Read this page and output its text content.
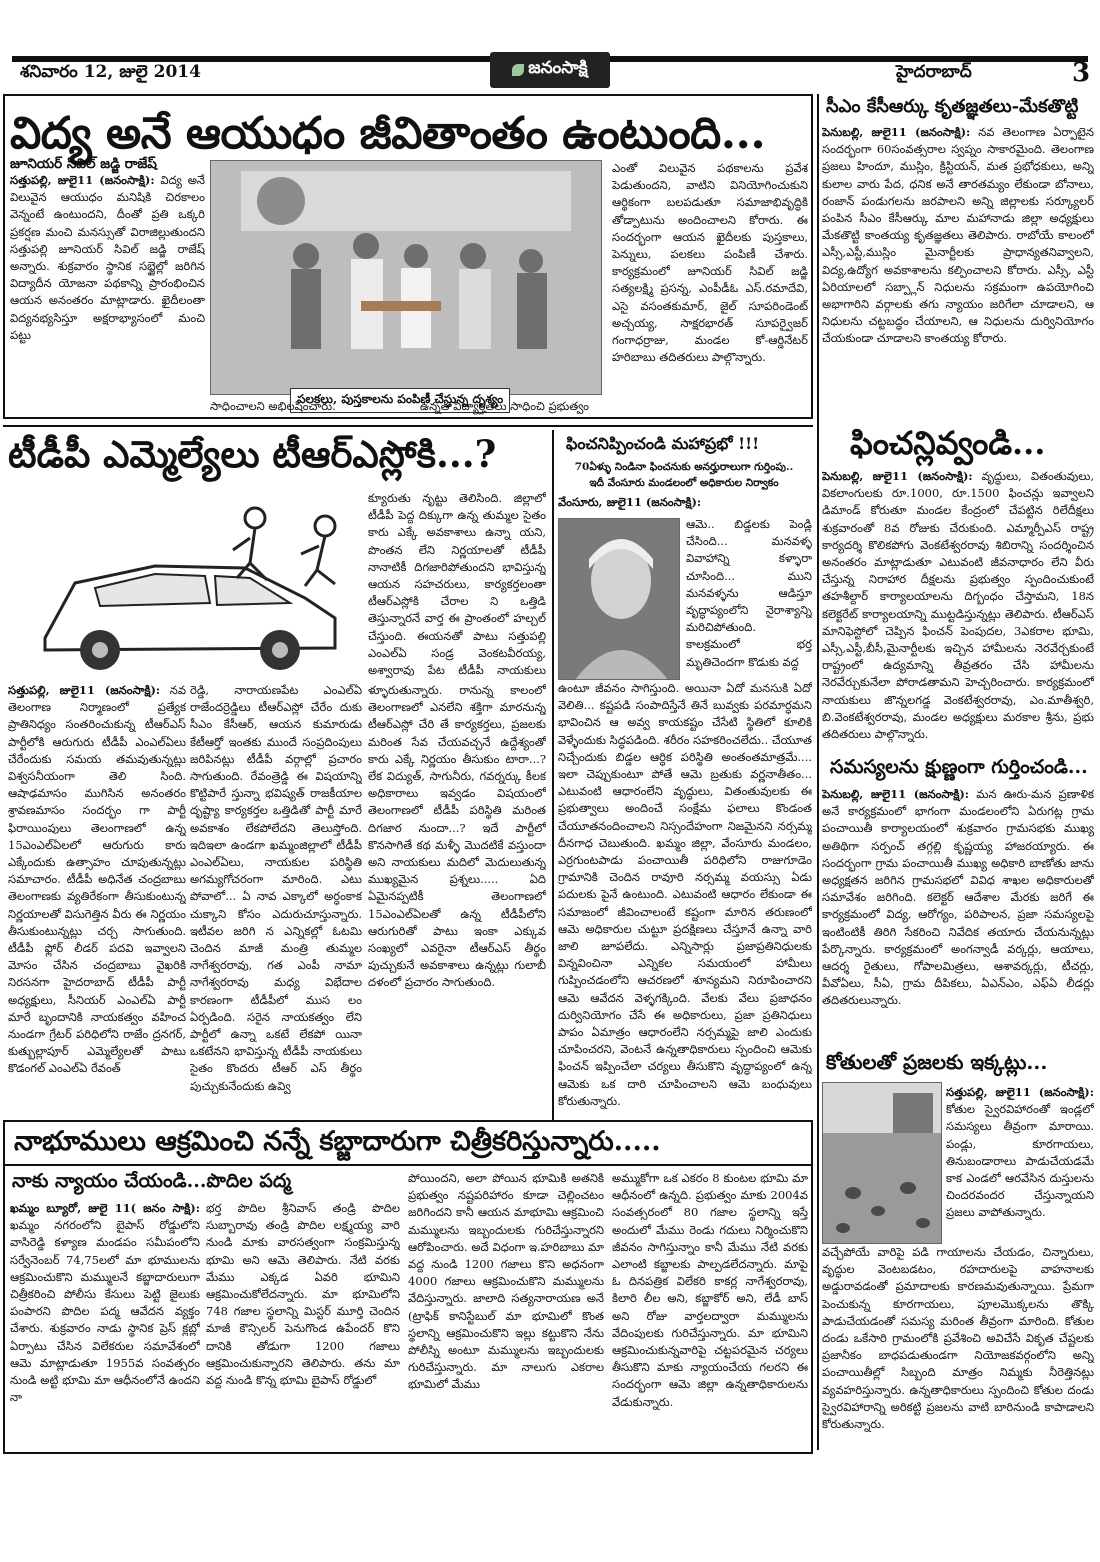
శనివారం 12, జులై 2014	జనంసాక్షి	హైదరాబాద్	3
విద్య అనే ఆయుధం జీవితాంతం ఉంటుంది...
జూనియర్ సివిల్ జడ్జి రాజేష్
సత్తుపల్లి, జులై11 (జనంసాక్షి): విద్య అనే విలువైన ఆయుధం మనిషికి చిరకాలం వెన్నంటే ఉంటుందని, దీంతో ప్రతి ఒక్కరి ప్రకర్షణ మంచి మనస్సుతో విరాజిల్లుతుందని సత్తుపల్లి జూనియర్ సివిల్ జడ్జి రాజేష్ అన్నారు. శుక్రవారం స్థానిక సబ్జైల్లో జరిగిన విద్యాదీన యోజనా పథకాన్ని ప్రారంభించిన ఆయన అనంతరం మాట్లాడారు. ఖైదీలంతా విద్యనభ్యసిస్తూ అక్షరాభ్యాసంలో మంచి పట్టు
పలకలు, పుస్తకాలను పంపిణీ చేస్తున్న దృశ్యం
సాధించాలని అభిలషించారు.	ఉన్నత విద్యార్హతలు సాధించి ప్రభుత్వం
ఎంతో విలువైన పథకాలను ప్రవేశ పెడుతుందని, వాటిని వినియోగించుకుని ఆర్థికంగా బలపడుతూ సమాజాభివృద్ధికి తోడ్పాటును అందించాలని కోరారు. ఈ సందర్భంగా ఆయన ఖైదీలకు పుస్తకాలు, పెన్నులు, పలకలు పంపిణీ చేశారు. కార్యక్రమంలో జూనియర్ సివిల్ జడ్జి సత్యలక్ష్మి ప్రసన్న, ఎంపీడీఓ ఎస్.రమాదేవి, ఎసై వసంతకుమార్, జైల్ సూపరిండెంట్ అచ్చయ్య, సాక్షరభారత్ సూపర్వైజర్ గంగాధర్రాజు, మండల కో-ఆర్డినేటర్ హరిబాబు తదితరులు పాల్గొన్నారు.
సీఎం కేసీఆర్కు కృతజ్ఞతలు-మేకతొట్టి
పెనుబల్లి, జులై11 (జనంసాక్షి): నవ తెలంగాణ ఏర్పాటైన సందర్భంగా 60సంవత్సరాల స్వప్నం సాకారమైంది. తెలంగాణ ప్రజలు హిందూ, ముస్లిం, క్రిస్టియన్, మత ప్రభోధకులు, అన్ని కులాల వారు పేద, ధనిక అనే తారతమ్యం లేకుండా బోనాలు, రంజాన్ పండుగలను జరపాలని అన్ని జిల్లాలకు సర్క్యూలర్ పంపిన సీఎం కేసీఆర్కు మాల మహానాడు జిల్లా అధ్యక్షులు మేకతొట్టి కాంతయ్య కృతజ్ఞతలు తెలిపారు. రాబోయే కాలంలో ఎస్సీ,ఎస్టీ,ముస్లిం మైనార్టీలకు ప్రాధాన్యతనివ్వాలని, విద్య,ఉద్యోగ అవకాశాలను కల్పించాలని కోరారు. ఎస్సీ, ఎస్టీ ఏరియాలలో సబ్ప్లాన్ నిధులను సక్రమంగా ఉపయోగించి అభాగారిని వర్గాలకు తగు న్యాయం జరిగేలా చూడాలని, ఆ నిధులను చట్టబద్ధం చేయాలని, ఆ నిధులను దుర్వినియోగం చేయకుండా చూడాలని కాంతయ్య కోరారు.
ఫించన్లివ్వండి...
పెనుబల్లి, జులై11 (జనంసాక్షి): వృద్ధులు, వితంతువులు, వికలాంగులకు రూ.1000, రూ.1500 ఫించన్లు ఇవ్వాలని డిమాండ్ కోరుతూ మండల కేంద్రంలో చేపట్టిన రిలేదీక్షలు శుక్రవారంతో 8వ రోజుకు చేరుకుంది. ఎమ్మార్పీఎస్ రాష్ట్ర కార్యదర్శి కొలికపోగు వెంకటేశ్వరరావు శిబిరాన్ని సందర్శించిన అనంతరం మాట్లాడుతూ ఎటువంటి జీవనాధారం లేని వీరు చేస్తున్న నిరాహార దీక్షలను ప్రభుత్వం స్పందించుకుంటే తహశీల్దార్ కార్యాలయాలను దిగ్బంధం చేస్తామని, 18న కలెక్టరేట్ కార్యాలయాన్ని ముట్టడిస్తున్నట్లు తెలిపారు. టీఆర్ఎస్ మానిఫెస్టోలో చెప్పిన ఫించన్ పెంపుదల, 3ఎకరాల భూమి, ఎస్సీ,ఎస్టీ,బీసీ,మైనార్టీలకు ఇచ్చిన హామీలను నెరవేర్చకుంటే రాష్ట్రంలో ఉద్యమాన్ని తీవ్రతరం చేసి హామీలను నెరవేర్చుకునేలా పోరాడతామని హెచ్చరించారు. కార్యక్రమంలో నాయకులు జొన్నలగడ్డ వెంకటేశ్వరరావు, ఎం.మాతీశ్వరి, బి.వెంకటేశ్వరరావు, మండల అధ్యక్షులు మరకాల శ్రీను, ప్రభు తదితరులు పాల్గొన్నారు.
టీడీపీ ఎమ్మెల్యేలు టీఆర్ఎస్లోకి...?
క్యూరుతు నృట్టు తెలిసింది. జిల్లాలో టీడీపీ పెద్ద దిక్కుగా ఉన్న తుమ్మల సైతం కారు ఎక్కే అవకాశాలు ఉన్నా యని, పొంతన లేని నిర్ణయాలతో టీడీపీ నానాటికీ దిగజారిపోతుందని భావిస్తున్న ఆయన సహచరులు, కార్యకర్తలంతా టీఆర్ఎస్లోకి చేరాల ని ఒత్తిడి తెస్తున్నారనే వార్త ఈ ప్రాంతంలో హల్చల్ చేస్తుంది. ఈయనతో పాటు సత్తుపల్లి ఎంఎల్ఏ సండ్ర వెంకటవీరయ్య, అశ్వారావు పేట టీడీపీ నాయకులు
సత్తుపల్లి, జులై11 (జనంసాక్షి): నవ తెలంగాణ నిర్మాణంలో ప్రత్యేక ప్రాతినిధ్యం సంతరించుకున్న టీఆర్ఎస్ పార్టీలోకి ఆరుగురు టీడీపీ ఎంఎల్ఏలు చేరేందుకు సమయ తమవుతున్నట్లు విశ్వసనీయంగా తెలి సింది. ఆషాఢమాసం ముగిసిన అనంతరం శ్రావణమాసం సందర్భం గా పార్టీ ఫిరాయింపులు తెలంగాణలో ఉన్న 15ఎంఎల్ఏలలో ఆరుగురు కారు ఎక్కేందుకు ఉత్సాహం చూపుతున్నట్లు సమాచారం. టీడీపీ అధినేత చంద్రబాబు తెలంగాణకు వ్యతిరేకంగా తీసుకుంటున్న నిర్ణయాలతో విసుగెత్తిన వీరు ఈ నిర్ణయం తీసుకుంటున్నట్లు చర్చ సాగుతుంది. టీడీపీ ఫ్లోర్ లీడర్ పదవి ఇవ్వాలని మోసం చేసిన చంద్రబాబు వైఖరికి నిరసనగా హైదరాబాద్ టీడీపీ పార్టీ అధ్యక్షులు, సీనియర్ ఎంఎల్ఏ పార్టీ మారే బృందానికి నాయకత్వం వహించ నుండగా గ్రేటర్ పరిధిలోని రాజేం ద్రనగర్, కుత్బుల్లాపూర్ ఎమ్మెల్యేలతో పాటు కొడంగల్ ఎంఎల్ఏ రేవంత్
రెడ్డి, నారాయణపేట ఎంఎల్ఏ రాజేందర్రెడ్డిలు టీఆర్ఎస్లో చేరేం దుకు సీఎం కేసీఆర్, ఆయన కుమారుడు కేటీఆర్తో ఇంతకు ముందే సంప్రదింపులు జరిపినట్లు టీడీపీ వర్గాల్లో ప్రచారం సాగుతుంది. రేవంత్రెడ్డి ఈ విషయాన్ని కొట్టిపారే స్తున్నా భవిష్యత్ రాజకీయాల దృష్ట్యా కార్యకర్తల ఒత్తిడితో పార్టీ మారే అవకాశం లేకపోలేదని తెలుస్తోంది. ఇదిఇలా ఉండగా ఖమ్మంజిల్లాలో టీడీపీ ఎంఎల్ఏలు, నాయకుల పరిస్థితి అగమ్యగోచరంగా మారింది. ఎటు పోవాలో... ఏ నావ ఎక్కాలో అర్ధంకాక చుక్కాని కోసం ఎదురుచూస్తున్నారు. ఇటీవల జరిగి న ఎన్నికల్లో ఓటమి చెందిన మాజీ మంత్రి తుమ్మల నాగేశ్వరరావు, గత ఎంపీ నామా నాగేశ్వరరావు మధ్య విభేదాల కారణంగా టీడీపీలో ముస లం ఏర్పడింది. సరైన నాయకత్వం లేని పార్టీలో ఉన్నా ఒకటే లేకపో యినా ఒకటేనని భావిస్తున్న టీడీపీ నాయకులు సైతం కొందరు టీఆర్ ఎస్ తీర్థం పుచ్చుకునేందుకు ఉవ్వి
ళ్ళూరుతున్నారు. రానున్న కాలంలో తెలంగాణలో ఎనలేని శక్తిగా మారనున్న టీఆర్ఎస్లో చేరి తే కార్యకర్తలు, ప్రజలకు మరింత సేవ చేయవచ్చనే ఉద్దేశ్యంతో కారు ఎక్కే నిర్ణయం తీసుకుం టారా...? లేక విద్యుత్, సాగునీరు, గవర్నర్కు కీలక అధికారాలు ఇవ్వడం విషయంలో తెలంగాణలో టీడీపీ పరిస్థితి మరింత దిగజార నుందా...? ఇదే పార్టీలో కొనసాగితే కథ మళ్ళీ మొదటికే వస్తుందా అని నాయకులు మదిలో మెదులుతున్న ముఖ్యమైన ప్రశ్నలు..... ఏది ఏమైనప్పటికీ తెలంగాణలో 15ఎంఎల్ఏలతో ఉన్న టీడీపీలోని ఆరుగురితో పాటు ఇంకా ఎక్కువ సంఖ్యలో ఎవరైనా టీఆర్ఎస్ తీర్థం పుచ్చుకునే అవకాశాలు ఉన్నట్లు గులాబీ దళంలో ప్రచారం సాగుతుంది.
ఫించనిప్పించండి మహాప్రభో !!!
70ఏళ్ళు నిండినా ఫించనుకు అనర్హురాలుగా గుర్తింపు..
ఇదీ వేంసూరు మండలంలో అధికారుల నిర్వాకం
వేంసూరు, జులై11 (జనంసాక్షి):
ఆమె.. బిడ్డలకు పెండ్లి చేసింది... మనవళ్ళ వివాహాన్ని కళ్ళారా చూసింది... ముని మనవళ్ళను ఆడిస్తూ వృద్ధాప్యంలోని నైరాశ్యాన్ని మరిచిపోతుంది. కాలక్రమంలో భర్త మృతిచెందగా కొడుకు వద్ద
ఉంటూ జీవనం సాగిస్తుంది. అయినా ఏదో మనసుకి ఏదో వెలితి... కష్టపడి సంపాదిస్తేనే తినే బువ్వకు పరమార్ధమని భావించిన ఆ అవ్వ కాయకష్టం చేసేటి స్థితిలో కూలికి వెళ్ళేందుకు సిద్ధపడింది. శరీరం సహకరించలేదు.. చేయూత నిచ్చేందుకు బిడ్డల ఆర్ధిక పరిస్థితి అంతంతమాత్రమే.... ఇలా చెప్పుకుంటూ పోతే ఆమె బ్రతుకు వర్ణనాతీతం... ఎటువంటి ఆధారంలేని వృద్ధులు, వితంతువులకు ఈ ప్రభుత్వాలు అందించే సంక్షేమ ఫలాలు కొండంత చేయూతనందించాలని నిస్సందేహంగా నిజమైనని నర్సమ్మ దీనగాధ చెబుతుంది. ఖమ్మం జిల్లా, వేంసూరు మండలం, ఎర్రగుంటపాడు పంచాయితీ పరిధిలోని రాజుగూడెం గ్రామానికి చెందిన రావూరి నర్సమ్మ వయస్సు ఏడు పదులకు పైనే ఉంటుంది. ఎటువంటి ఆధారం లేకుండా ఈ సమాజంలో జీవించాలంటే కష్టంగా మారిన తరుణంలో ఆమె అధికారుల చుట్టూ ప్రదక్షిణలు చేస్తూనే ఉన్నా వారి జాలి జూపలేదు. ఎన్నిసార్లు ప్రజాప్రతినిధులకు విన్నవించినా ఎన్నికల సమయంలో హామీలు గుప్పించడంలోని ఆచరణలో శూన్యమని నిరూపించారని ఆమె ఆవేదన వెళ్ళగక్కింది. వేలకు వేలు ప్రజాధనం దుర్వినియోగం చేసే ఈ అధికారులు, ప్రజా ప్రతినిధులు పాపం ఏమాత్రం ఆధారంలేని నర్సమ్మపై జాలి ఎందుకు చూపించరని, వెంటనే ఉన్నతాధికారులు స్పందించి ఆమెకు ఫించన్ ఇప్పించేలా చర్యలు తీసుకొని వృద్ధాప్యంలో ఉన్న ఆమెకు ఒక దారి చూపించాలని ఆమె బంధువులు కోరుతున్నారు.
సమస్యలను క్షుణ్ణంగా గుర్తించండి...
పెనుబల్లి, జులై11 (జనంసాక్షి): మన ఊరు-మన ప్రణాళిక అనే కార్యక్రమంలో భాగంగా మండలంలోని ఏరుగట్ల గ్రామ పంచాయితీ కార్యాలయంలో శుక్రవారం గ్రామసభకు ముఖ్య అతిథిగా సర్పంచ్ తగ్గల్లి కృష్ణయ్య హాజరయ్యారు. ఈ సందర్భంగా గ్రామ పంచాయితీ ముఖ్య అధికారి బాణోతు జాను అధ్యక్షతన జరిగిన గ్రామసభలో వివిధ శాఖల అధికారులతో సమావేశం జరిగింది. కలెక్టర్ ఆదేశాల మేరకు జరిగే ఈ కార్యక్రమంలో విద్య, ఆరోగ్యం, పరిపాలన, ప్రజా సమస్యలపై ఇంటింటికీ తిరిగి సేకరించి నివేదిక తయారు చేయనున్నట్లు పేర్కొన్నారు. కార్యక్రమంలో అంగన్వాడీ వర్కర్లు, ఆయాలు, ఆదర్శ రైతులు, గోపాలమిత్రలు, ఆశావర్కర్లు, టీచర్లు, వీవోఏలు, సీఏ, గ్రామ దీపికలు, ఏఎన్ఎం, ఎఫ్ఏ లీడర్లు తదితరులున్నారు.
కోతులతో ప్రజలకు ఇక్కట్లు...
సత్తుపల్లి, జులై11 (జనంసాక్షి): కోతుల స్వైరవిహారంతో ఇండ్లలో సమస్యలు తీవ్రంగా మారాయి. పండ్లు, కూరగాయలు, తినుబండారాలు పాడుచేయడమే కాక ఎండలో ఆరవేసిన దుస్తులను చిందరవందర చేస్తున్నాయని ప్రజలు వాపోతున్నారు.
వచ్చేపోయే వారిపై పడి గాయాలను చేయడం, చిన్నారులు, వృద్ధుల వెంటబడటం, రహదారులపై వాహనాలకు అడ్డురావడంతో ప్రమాదాలకు కారణమవుతున్నాయి. ప్రేమగా పెంచుకున్న కూరగాయలు, పూలమొక్కలను తొక్కి పాడుచేయడంతో సమస్య మరింత తీవ్రంగా మారింది. కోతుల దండు ఒకేసారి గ్రామంలోకి ప్రవేశించి అవిచేసే వికృత చేష్టలకు ప్రజానీకం బాధపడుతుండగా నియోజకవర్గంలోని అన్ని పంచాయితీల్లో సిబ్బంది మాత్రం నిమ్మకు నీరెత్తినట్లు వ్యవహరిస్తున్నారు. ఉన్నతాధికారులు స్పందించి కోతుల దండు స్వైరవిహారాన్ని అరికట్టి ప్రజలను వాటి బారినుండి కాపాడాలని కోరుతున్నారు.
నాభూములు ఆక్రమించి నన్నే కబ్జాదారుగా చిత్రీకరిస్తున్నారు.....
నాకు న్యాయం చేయండి...పొదిల పద్మ
ఖమ్మం బ్యూరో, జులై 11( జనం సాక్షి): ఖమ్మం నగరంలోని బైపాస్ రోడ్డులోని వాసిరెడ్డి కళ్యాణ మండపం సమీపంలోని సర్వేనెంబర్ 74,75లలో మా భూములను ఆక్రమించుకొని మమ్ములనే కబ్జాదారులుగా చిత్రీకరించి పోలీసు కేసులు పెట్టి జైలుకు పంపారని పొదిల పద్మ ఆవేదన వ్యక్తం చేశారు. శుక్రవారం నాడు స్థానిక ప్రెస్ క్లబ్లో ఏర్పాటు చేసిన విలేకరుల సమావేశంలో ఆమె మాట్లాడుతూ 1955వ సంవత్సరం నుండి అట్టి భూమి మా ఆధీనంలోనే ఉందని నా
భర్త పొదిల శ్రీనివాస్ తండ్రి పొదిల సుబ్బారావు తండ్రి పొదిల లక్ష్మయ్య వారి నుండి మాకు వారసత్వంగా సంక్రమిస్తున్న భూమి అని ఆమె తెలిపారు. నేటి వరకు మేము ఎక్కడ ఏవరి భూమిని ఆక్రమించుకోలేదన్నారు. మా భూమిలోని 748 గజాల స్థలాన్ని మిస్టర్ మూర్తి చెందిన మాజీ కౌన్సిలర్ పెనుగొండ ఉపేందర్ కొని దానికి తోడుగా 1200 గజాలు ఆక్రమించుకున్నారని తెలిపారు. తను మా వద్ద నుండి కొన్న భూమి బైపాస్ రోడ్డులో
పోయిందని, అలా పోయిన భూమికి అతనికి ప్రభుత్వం నష్టపరిహారం కూడా చెల్లించటం జరిగిందని కానీ ఆయన మాభూమి ఆక్రమించి మమ్ములను ఇబ్బందులకు గురిచేస్తున్నారని ఆరోపించారు. అదే విధంగా ఇ.హరిబాబు మా వద్ద నుండి 1200 గజాలు కొని అధనంగా 4000 గజాలు ఆక్రమించుకొని మమ్ములను వేదిస్తున్నారు. జాలాది సత్యనారాయణ అనే (ట్రాఫిక్ కానిస్టేబుల్ మా భూమిలో కొంత స్థలాన్ని ఆక్రమించుకొని ఇల్లు కట్టుకొని నేను పోలీస్ని అంటూ మమ్ములను ఇబ్బందులకు గురిచేస్తున్నారు. మా నాలుగు ఎకరాల భూమిలో మేము
అమ్ముకోగా ఒక ఎకరం 8 కుంటల భూమి మా ఆధీనంలో ఉన్నది. ప్రభుత్వం మాకు 2004వ సంవత్సరంలో 80 గజాల స్థలాన్ని ఇస్తే అందులో మేము రెండు గదులు నిర్మించుకొని జీవనం సాగిస్తున్నాం కానీ మేము నేటి వరకు ఎలాంటి కబ్జాలకు పాల్పడలేదన్నారు. మాపై ఓ దినపత్రిక విలేకరి కాకర్ల నాగేశ్వరరావు, కిలారి లీల అని, కబ్జాకోర్ అని, లేడీ బాస్ అని రోజు వార్తలద్వారా మమ్ములను వేదింపులకు గురిచేస్తున్నారు. మా భూమిని ఆక్రమించుకున్నవారిపై చట్టపరమైన చర్యలు తీసుకొని మాకు న్యాయంచేయ గలరని ఈ సందర్భంగా ఆమె జిల్లా ఉన్నతాధికారులను వేడుకున్నారు.
